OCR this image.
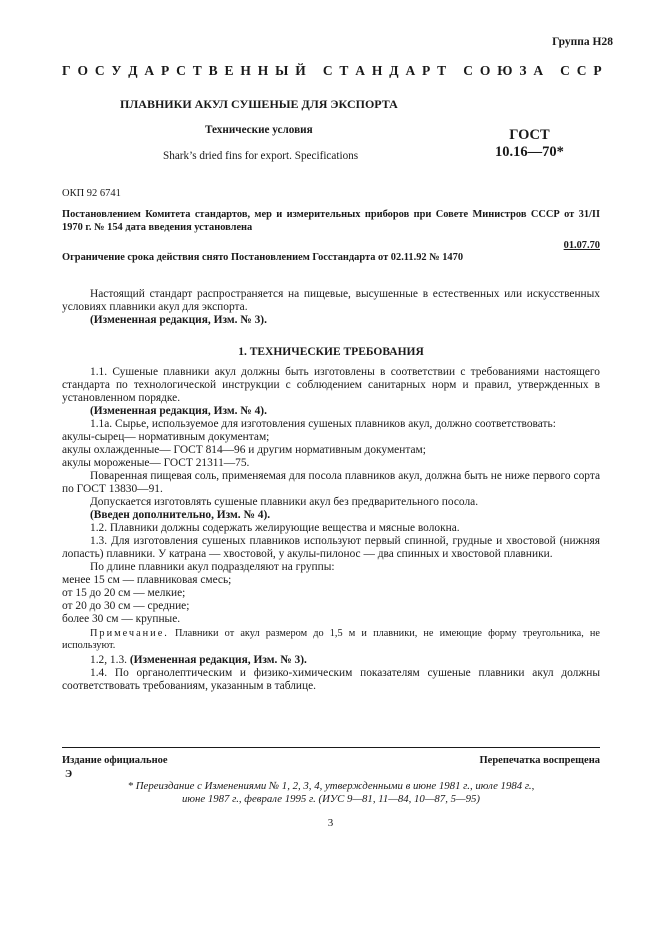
Группа Н28
Г О С У Д А Р С Т В Е Н Н Ы Й
С Т А Н Д А Р Т
С О Ю З А
С С Р
ПЛАВНИКИ АКУЛ СУШЕНЫЕ ДЛЯ ЭКСПОРТА
Технические условия
Shark’s dried fins for export. Specifications
ГОСТ
10.16—70*
ОКП 92 6741
Постановлением Комитета стандартов, мер и измерительных приборов при Совете Министров СССР от 31/II 1970 г. № 154 дата введения установлена
01.07.70
Ограничение срока действия снято Постановлением Госстандарта от 02.11.92 № 1470

Настоящий стандарт распространяется на пищевые, высушенные в естественных или искусственных условиях плавники акул для экспорта.

(Измененная редакция, Изм. № 3).

1. ТЕХНИЧЕСКИЕ ТРЕБОВАНИЯ

1.1. Сушеные плавники акул должны быть изготовлены в соответствии с требованиями настоящего стандарта по технологической инструкции с соблюдением санитарных норм и правил, утвержденных в установленном порядке.

(Измененная редакция, Изм. № 4).

1.1а. Сырье, используемое для изготовления сушеных плавников акул, должно соответствовать:

акулы-сырец— нормативным документам;

акулы охлажденные— ГОСТ 814—96 и другим нормативным документам;

акулы мороженые— ГОСТ 21311—75.

Поваренная пищевая соль, применяемая для посола плавников акул, должна быть не ниже первого сорта по ГОСТ 13830—91.

Допускается изготовлять сушеные плавники акул без предварительного посола.

(Введен дополнительно, Изм. № 4).

1.2. Плавники должны содержать желирующие вещества и мясные волокна.

1.3. Для изготовления сушеных плавников используют первый спинной, грудные и хвостовой (нижняя лопасть) плавники. У катрана — хвостовой, у акулы-пилонос — два спинных и хвостовой плавники.

По длине плавники акул подразделяют на группы:

менее 15 см — плавниковая смесь;

от 15 до 20 см — мелкие;

от 20 до 30 см — средние;

более 30 см — крупные.

Примечание. Плавники от акул размером до 1,5 м и плавники, не имеющие форму треугольника, не используют.

1.2, 1.3. (Измененная редакция, Изм. № 3).

1.4. По органолептическим и физико-химическим показателям сушеные плавники акул должны соответствовать требованиям, указанным в таблице.

Издание официальное	Перепечатка воспрещена
Э
* Переиздание с Изменениями № 1, 2, 3, 4, утвержденными в июне 1981 г., июле 1984 г.,
июне 1987 г., феврале 1995 г. (ИУС 9—81, 11—84, 10—87, 5—95)
3
